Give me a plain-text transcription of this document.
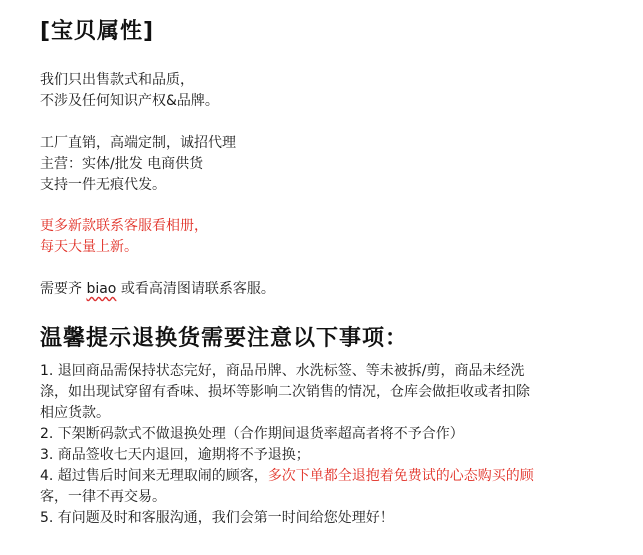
[宝贝属性]
我们只出售款式和品质，
不涉及任何知识产权&品牌。
工厂直销，高端定制，诚招代理
主营：实体/批发 电商供货
支持一件无痕代发。
更多新款联系客服看相册，
每天大量上新。
需要齐 biao 或看高清图请联系客服。
温馨提示退换货需要注意以下事项：
1. 退回商品需保持状态完好，商品吊牌、水洗标签、等未被拆/剪，商品未经洗
涤，如出现试穿留有香味、损坏等影响二次销售的情况，仓库会做拒收或者扣除
相应货款。
2. 下架断码款式不做退换处理（合作期间退货率超高者将不予合作）
3. 商品签收七天内退回，逾期将不予退换；
4. 超过售后时间来无理取闹的顾客，多次下单都全退抱着免费试的心态购买的顾
客，一律不再交易。
5. 有问题及时和客服沟通，我们会第一时间给您处理好！
